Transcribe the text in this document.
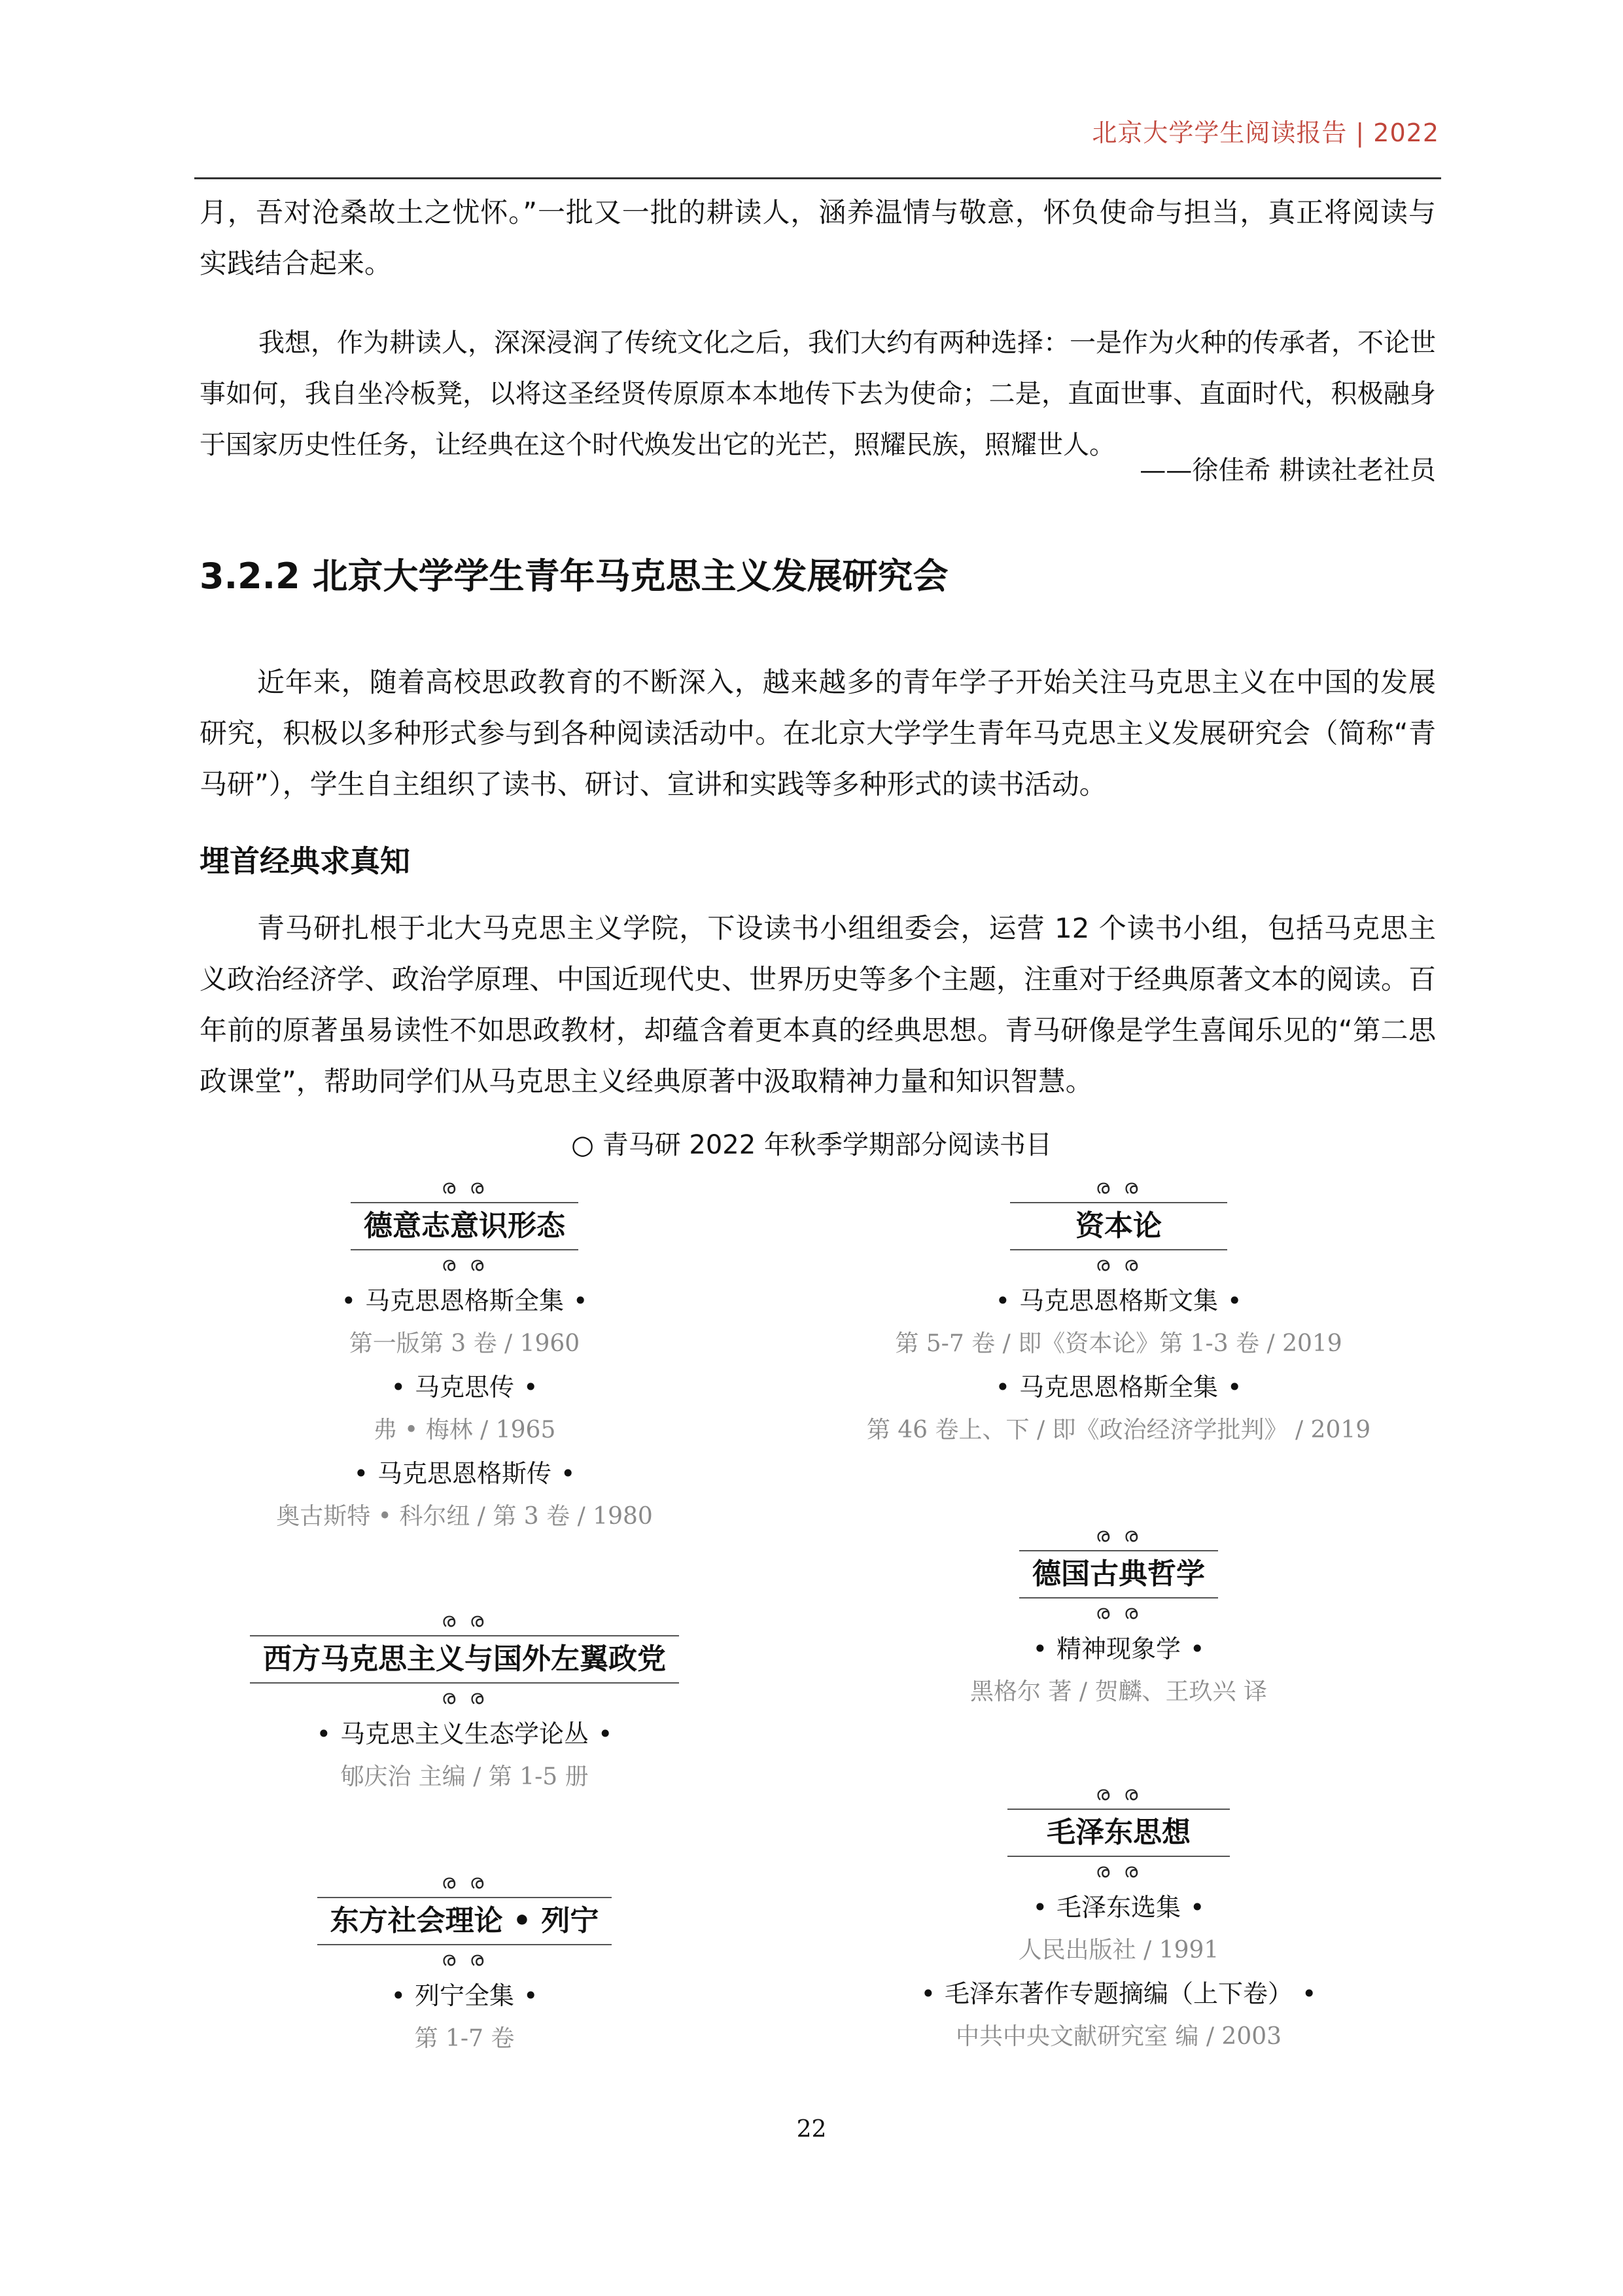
北京大学学生阅读报告 | 2022
月，吾对沧桑故土之忧怀。”一批又一批的耕读人，涵养温情与敬意，怀负使命与担当，真正将阅读与实践结合起来。
我想，作为耕读人，深深浸润了传统文化之后，我们大约有两种选择：一是作为火种的传承者，不论世事如何，我自坐冷板凳，以将这圣经贤传原原本本地传下去为使命；二是，直面世事、直面时代，积极融身于国家历史性任务，让经典在这个时代焕发出它的光芒，照耀民族，照耀世人。
——徐佳希 耕读社老社员
3.2.2 北京大学学生青年马克思主义发展研究会
近年来，随着高校思政教育的不断深入，越来越多的青年学子开始关注马克思主义在中国的发展研究，积极以多种形式参与到各种阅读活动中。在北京大学学生青年马克思主义发展研究会（简称“青马研”），学生自主组织了读书、研讨、宣讲和实践等多种形式的读书活动。
埋首经典求真知
青马研扎根于北大马克思主义学院，下设读书小组组委会，运营 12 个读书小组，包括马克思主义政治经济学、政治学原理、中国近现代史、世界历史等多个主题，注重对于经典原著文本的阅读。百年前的原著虽易读性不如思政教材，却蕴含着更本真的经典思想。青马研像是学生喜闻乐见的“第二思政课堂”，帮助同学们从马克思主义经典原著中汲取精神力量和知识智慧。
○ 青马研 2022 年秋季学期部分阅读书目
ര ര
德意志意识形态
ര ര
• 马克思恩格斯全集 •
第一版第 3 卷 / 1960
• 马克思传 •
弗 • 梅林 / 1965
• 马克思恩格斯传 •
奥古斯特 • 科尔纽 / 第 3 卷 / 1980
ര ര
资本论
ര ര
• 马克思恩格斯文集 •
第 5-7 卷 / 即《资本论》第 1-3 卷 / 2019
• 马克思恩格斯全集 •
第 46 卷上、下 / 即《政治经济学批判》 / 2019
ര ര
德国古典哲学
ര ര
• 精神现象学 •
黑格尔 著 / 贺麟、王玖兴 译
ര ര
西方马克思主义与国外左翼政党
ര ര
• 马克思主义生态学论丛 •
郇庆治 主编 / 第 1-5 册
ര ര
毛泽东思想
ര ര
• 毛泽东选集 •
人民出版社 / 1991
• 毛泽东著作专题摘编（上下卷） •
中共中央文献研究室 编 / 2003
ര ര
东方社会理论 • 列宁
ര ര
• 列宁全集 •
第 1-7 卷
22
